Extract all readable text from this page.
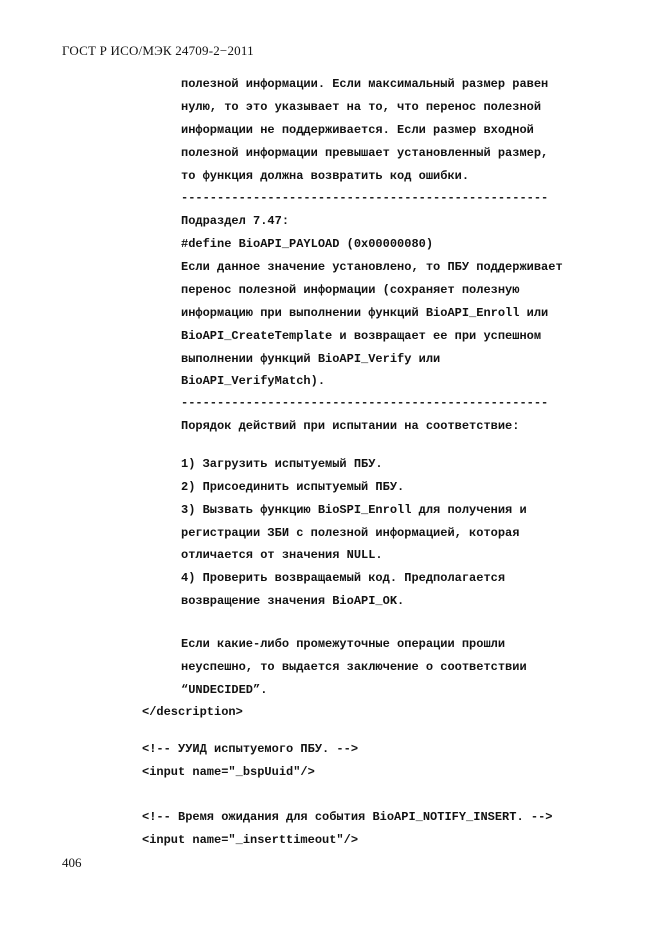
ГОСТ Р ИСО/МЭК 24709-2−2011

полезной информации. Если максимальный размер равен

нулю, то это указывает на то, что перенос полезной

информации не поддерживается. Если размер входной

полезной информации превышает установленный размер,

то функция должна возвратить код ошибки.

---------------------------------------------------

Подраздел 7.47:

#define BioAPI_PAYLOAD (0x00000080)

Если данное значение установлено, то ПБУ поддерживает

перенос полезной информации (сохраняет полезную

информацию при выполнении функций BioAPI_Enroll или

BioAPI_CreateTemplate и возвращает ее при успешном

выполнении функций BioAPI_Verify или

BioAPI_VerifyMatch).

---------------------------------------------------

Порядок действий при испытании на соответствие:

1) Загрузить испытуемый ПБУ.

2) Присоединить испытуемый ПБУ.

3) Вызвать функцию BioSPI_Enroll для получения и

регистрации ЗБИ с полезной информацией, которая

отличается от значения NULL.

4) Проверить возвращаемый код. Предполагается

возвращение значения BioAPI_OK.

Если какие-либо промежуточные операции прошли

неуспешно, то выдается заключение о соответствии

“UNDECIDED”.

</description>

<!-- УУИД испытуемого ПБУ. -->

<input name="_bspUuid"/>

<!-- Время ожидания для события BioAPI_NOTIFY_INSERT. -->

<input name="_inserttimeout"/>

406
